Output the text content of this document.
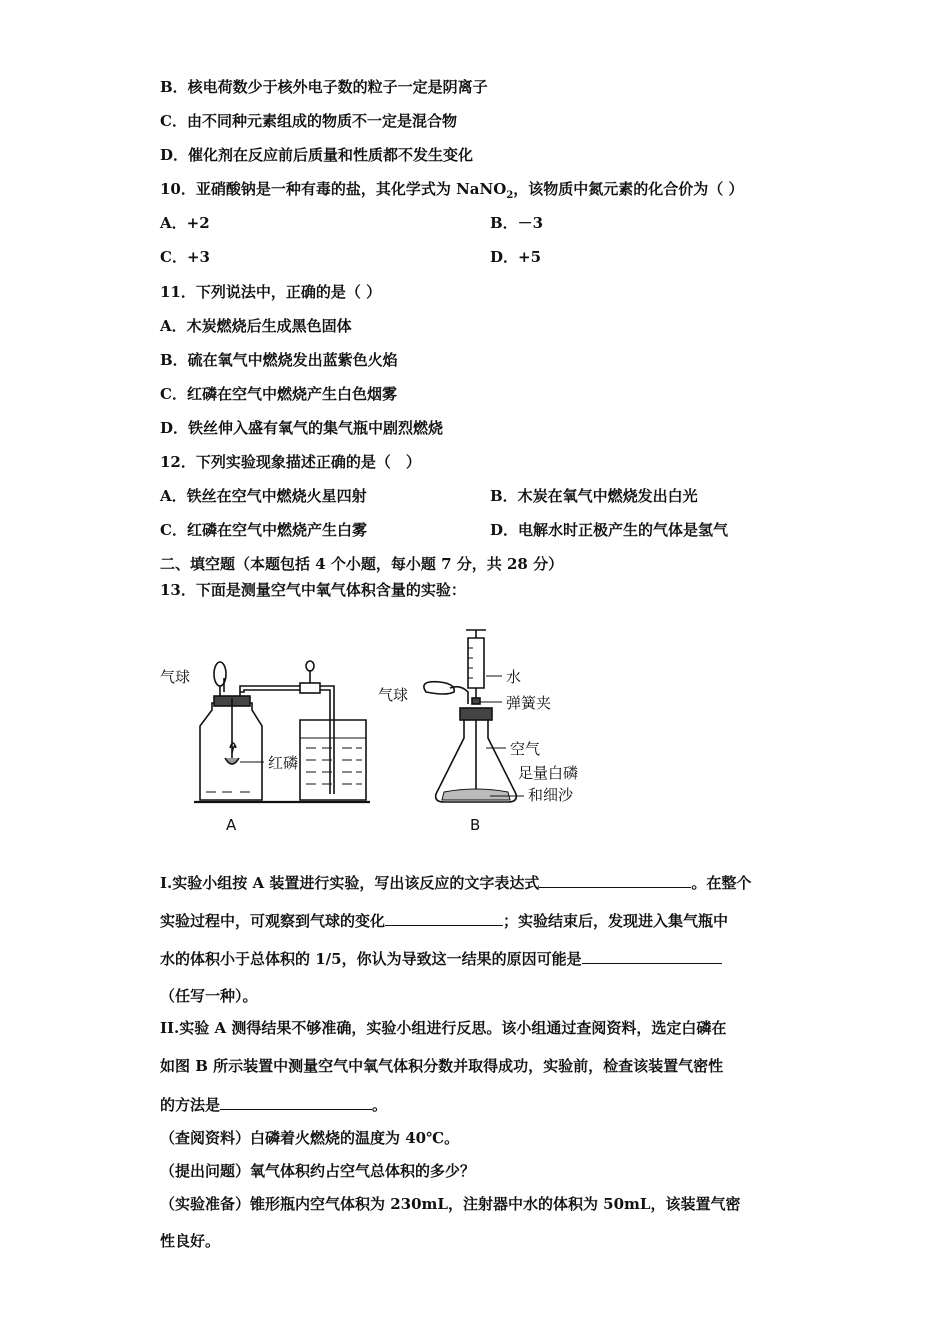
B．核电荷数少于核外电子数的粒子一定是阴离子
C．由不同种元素组成的物质不一定是混合物
D．催化剂在反应前后质量和性质都不发生变化
10．亚硝酸钠是一种有毒的盐，其化学式为 NaNO$_2$，该物质中氮元素的化合价为（ ）
A．+2	B．－3
C．+3	D．+5
11．下列说法中，正确的是（ ）
A．木炭燃烧后生成黑色固体
B．硫在氧气中燃烧发出蓝紫色火焰
C．红磷在空气中燃烧产生白色烟雾
D．铁丝伸入盛有氧气的集气瓶中剧烈燃烧
12．下列实验现象描述正确的是（　）
A．铁丝在空气中燃烧火星四射	B．木炭在氧气中燃烧发出白光
C．红磷在空气中燃烧产生白雾	D．电解水时正极产生的气体是氢气
二、填空题（本题包括 4 个小题，每小题 7 分，共 28 分）
13．下面是测量空气中氧气体积含量的实验：
气球
红磷
A
气球
水
弹簧夹
空气
足量白磷
和细沙
B
I.实验小组按 A 装置进行实验，写出该反应的文字表达式	。在整个
实验过程中，可观察到气球的变化	；实验结束后，发现进入集气瓶中
水的体积小于总体积的 1/5，你认为导致这一结果的原因可能是
（任写一种）。
II.实验 A 测得结果不够准确，实验小组进行反思。该小组通过查阅资料，选定白磷在
如图 B 所示装置中测量空气中氧气体积分数并取得成功，实验前，检查该装置气密性
的方法是	。
（查阅资料）白磷着火燃烧的温度为 40℃。
（提出问题）氧气体积约占空气总体积的多少？
（实验准备）锥形瓶内空气体积为 230mL，注射器中水的体积为 50mL，该装置气密
性良好。
